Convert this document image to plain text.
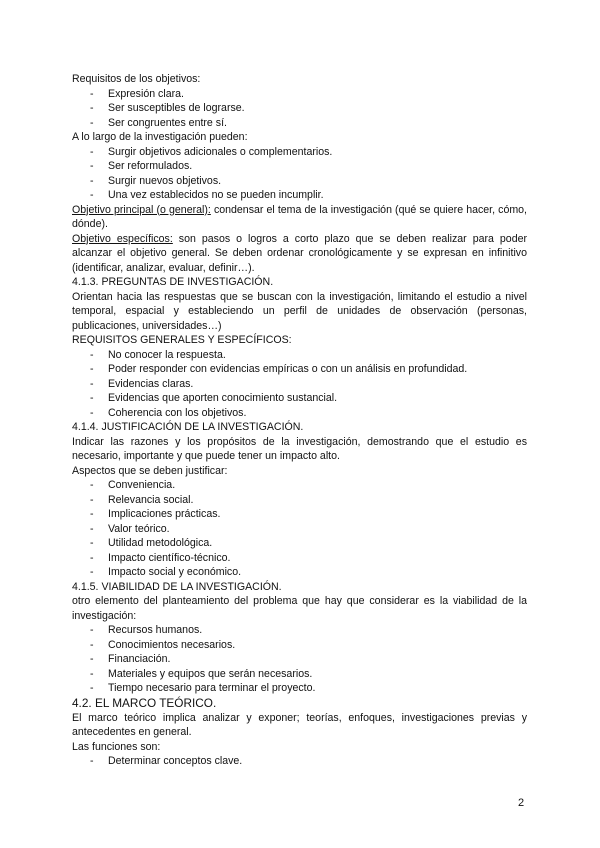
Requisitos de los objetivos:
- Expresión clara.
- Ser susceptibles de lograrse.
- Ser congruentes entre sí.
A lo largo de la investigación pueden:
- Surgir objetivos adicionales o complementarios.
- Ser reformulados.
- Surgir nuevos objetivos.
- Una vez establecidos no se pueden incumplir.
Objetivo principal (o general): condensar el tema de la investigación (qué se quiere hacer, cómo, dónde).
Objetivo específicos: son pasos o logros a corto plazo que se deben realizar para poder alcanzar el objetivo general. Se deben ordenar cronológicamente y se expresan en infinitivo (identificar, analizar, evaluar, definir…).
4.1.3. PREGUNTAS DE INVESTIGACIÓN.
Orientan hacia las respuestas que se buscan con la investigación, limitando el estudio a nivel temporal, espacial y estableciendo un perfil de unidades de observación (personas, publicaciones, universidades…)
REQUISITOS GENERALES Y ESPECÍFICOS:
- No conocer la respuesta.
- Poder responder con evidencias empíricas o con un análisis en profundidad.
- Evidencias claras.
- Evidencias que aporten conocimiento sustancial.
- Coherencia con los objetivos.
4.1.4. JUSTIFICACIÓN DE LA INVESTIGACIÓN.
Indicar las razones y los propósitos de la investigación, demostrando que el estudio es necesario, importante y que puede tener un impacto alto.
Aspectos que se deben justificar:
- Conveniencia.
- Relevancia social.
- Implicaciones prácticas.
- Valor teórico.
- Utilidad metodológica.
- Impacto científico-técnico.
- Impacto social y económico.
4.1.5. VIABILIDAD DE LA INVESTIGACIÓN.
otro elemento del planteamiento del problema que hay que considerar es la viabilidad de la investigación:
- Recursos humanos.
- Conocimientos necesarios.
- Financiación.
- Materiales y equipos que serán necesarios.
- Tiempo necesario para terminar el proyecto.
4.2. EL MARCO TEÓRICO.
El marco teórico implica analizar y exponer; teorías, enfoques, investigaciones previas y antecedentes en general.
Las funciones son:
- Determinar conceptos clave.
2
